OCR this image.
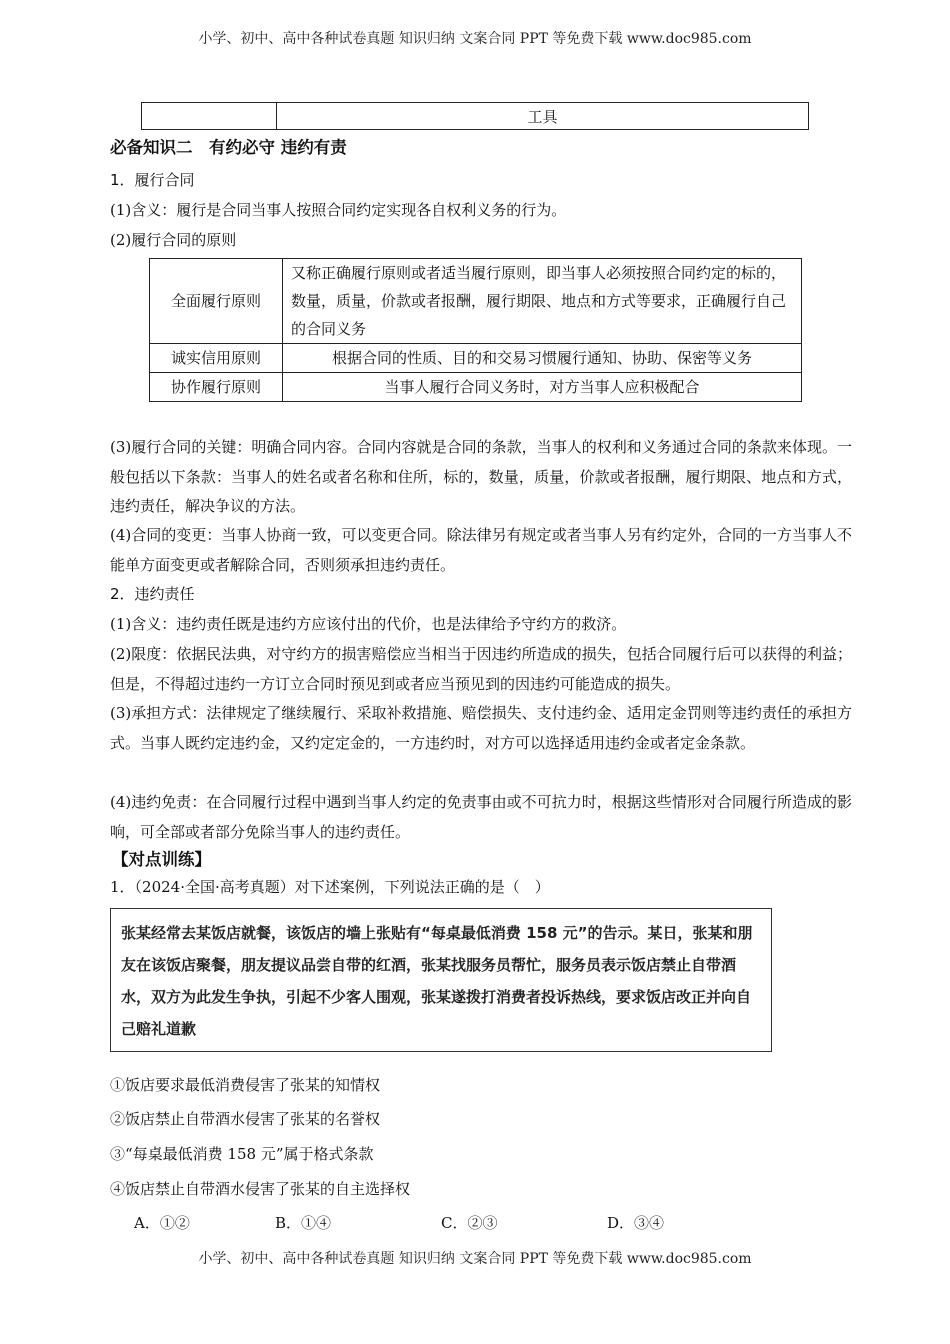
小学、初中、高中各种试卷真题 知识归纳 文案合同 PPT 等免费下载 www.doc985.com
	工具
必备知识二　有约必守 违约有责
1．履行合同
(1)含义：履行是合同当事人按照合同约定实现各自权利义务的行为。
(2)履行合同的原则
全面履行原则	又称正确履行原则或者适当履行原则，即当事人必须按照合同约定的标的，数量，质量，价款或者报酬，履行期限、地点和方式等要求，正确履行自己的合同义务
诚实信用原则	根据合同的性质、目的和交易习惯履行通知、协助、保密等义务
协作履行原则	当事人履行合同义务时，对方当事人应积极配合
(3)履行合同的关键：明确合同内容。合同内容就是合同的条款，当事人的权利和义务通过合同的条款来体现。一般包括以下条款：当事人的姓名或者名称和住所，标的，数量，质量，价款或者报酬，履行期限、地点和方式，违约责任，解决争议的方法。
(4)合同的变更：当事人协商一致，可以变更合同。除法律另有规定或者当事人另有约定外，合同的一方当事人不能单方面变更或者解除合同，否则须承担违约责任。
2．违约责任
(1)含义：违约责任既是违约方应该付出的代价，也是法律给予守约方的救济。
(2)限度：依据民法典，对守约方的损害赔偿应当相当于因违约所造成的损失，包括合同履行后可以获得的利益；但是，不得超过违约一方订立合同时预见到或者应当预见到的因违约可能造成的损失。
(3)承担方式：法律规定了继续履行、采取补救措施、赔偿损失、支付违约金、适用定金罚则等违约责任的承担方式。当事人既约定违约金，又约定定金的，一方违约时，对方可以选择适用违约金或者定金条款。
(4)违约免责：在合同履行过程中遇到当事人约定的免责事由或不可抗力时，根据这些情形对合同履行所造成的影响，可全部或者部分免除当事人的违约责任。
【对点训练】
1．（2024·全国·高考真题）对下述案例，下列说法正确的是（　）
张某经常去某饭店就餐，该饭店的墙上张贴有“每桌最低消费 158 元”的告示。某日，张某和朋友在该饭店聚餐，朋友提议品尝自带的红酒，张某找服务员帮忙，服务员表示饭店禁止自带酒水，双方为此发生争执，引起不少客人围观，张某遂拨打消费者投诉热线，要求饭店改正并向自己赔礼道歉
①饭店要求最低消费侵害了张某的知情权
②饭店禁止自带酒水侵害了张某的名誉权
③“每桌最低消费 158 元”属于格式条款
④饭店禁止自带酒水侵害了张某的自主选择权
A．①②	B．①④	C．②③	D．③④
小学、初中、高中各种试卷真题 知识归纳 文案合同 PPT 等免费下载 www.doc985.com
